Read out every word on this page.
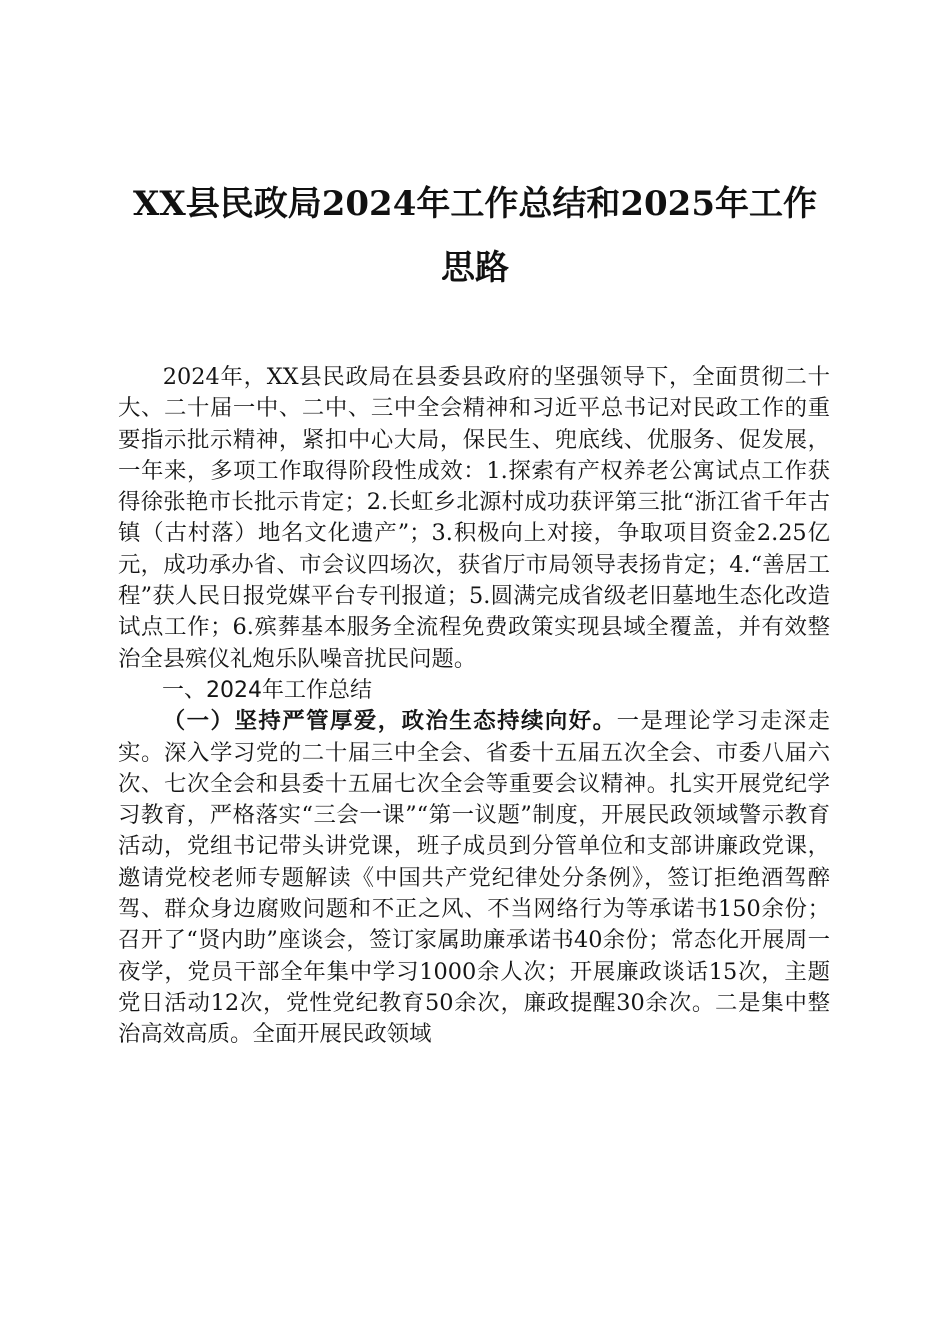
XX县民政局2024年工作总结和2025年工作
思路

2024年，XX县民政局在县委县政府的坚强领导下，全面贯彻二十大、二十届一中、二中、三中全会精神和习近平总书记对民政工作的重要指示批示精神，紧扣中心大局，保民生、兜底线、优服务、促发展，一年来，多项工作取得阶段性成效：1.探索有产权养老公寓试点工作获得徐张艳市长批示肯定；2.长虹乡北源村成功获评第三批“浙江省千年古镇（古村落）地名文化遗产”；3.积极向上对接，争取项目资金2.25亿元，成功承办省、市会议四场次，获省厅市局领导表扬肯定；4.“善居工程”获人民日报党媒平台专刊报道；5.圆满完成省级老旧墓地生态化改造试点工作；6.殡葬基本服务全流程免费政策实现县域全覆盖，并有效整治全县殡仪礼炮乐队噪音扰民问题。

一、2024年工作总结

（一）坚持严管厚爱，政治生态持续向好。一是理论学习走深走实。深入学习党的二十届三中全会、省委十五届五次全会、市委八届六次、七次全会和县委十五届七次全会等重要会议精神。扎实开展党纪学习教育，严格落实“三会一课”“第一议题”制度，开展民政领域警示教育活动，党组书记带头讲党课，班子成员到分管单位和支部讲廉政党课，邀请党校老师专题解读《中国共产党纪律处分条例》，签订拒绝酒驾醉驾、群众身边腐败问题和不正之风、不当网络行为等承诺书150余份；召开了“贤内助”座谈会，签订家属助廉承诺书40余份；常态化开展周一夜学，党员干部全年集中学习1000余人次；开展廉政谈话15次，主题党日活动12次，党性党纪教育50余次，廉政提醒30余次。二是集中整治高效高质。全面开展民政领域
